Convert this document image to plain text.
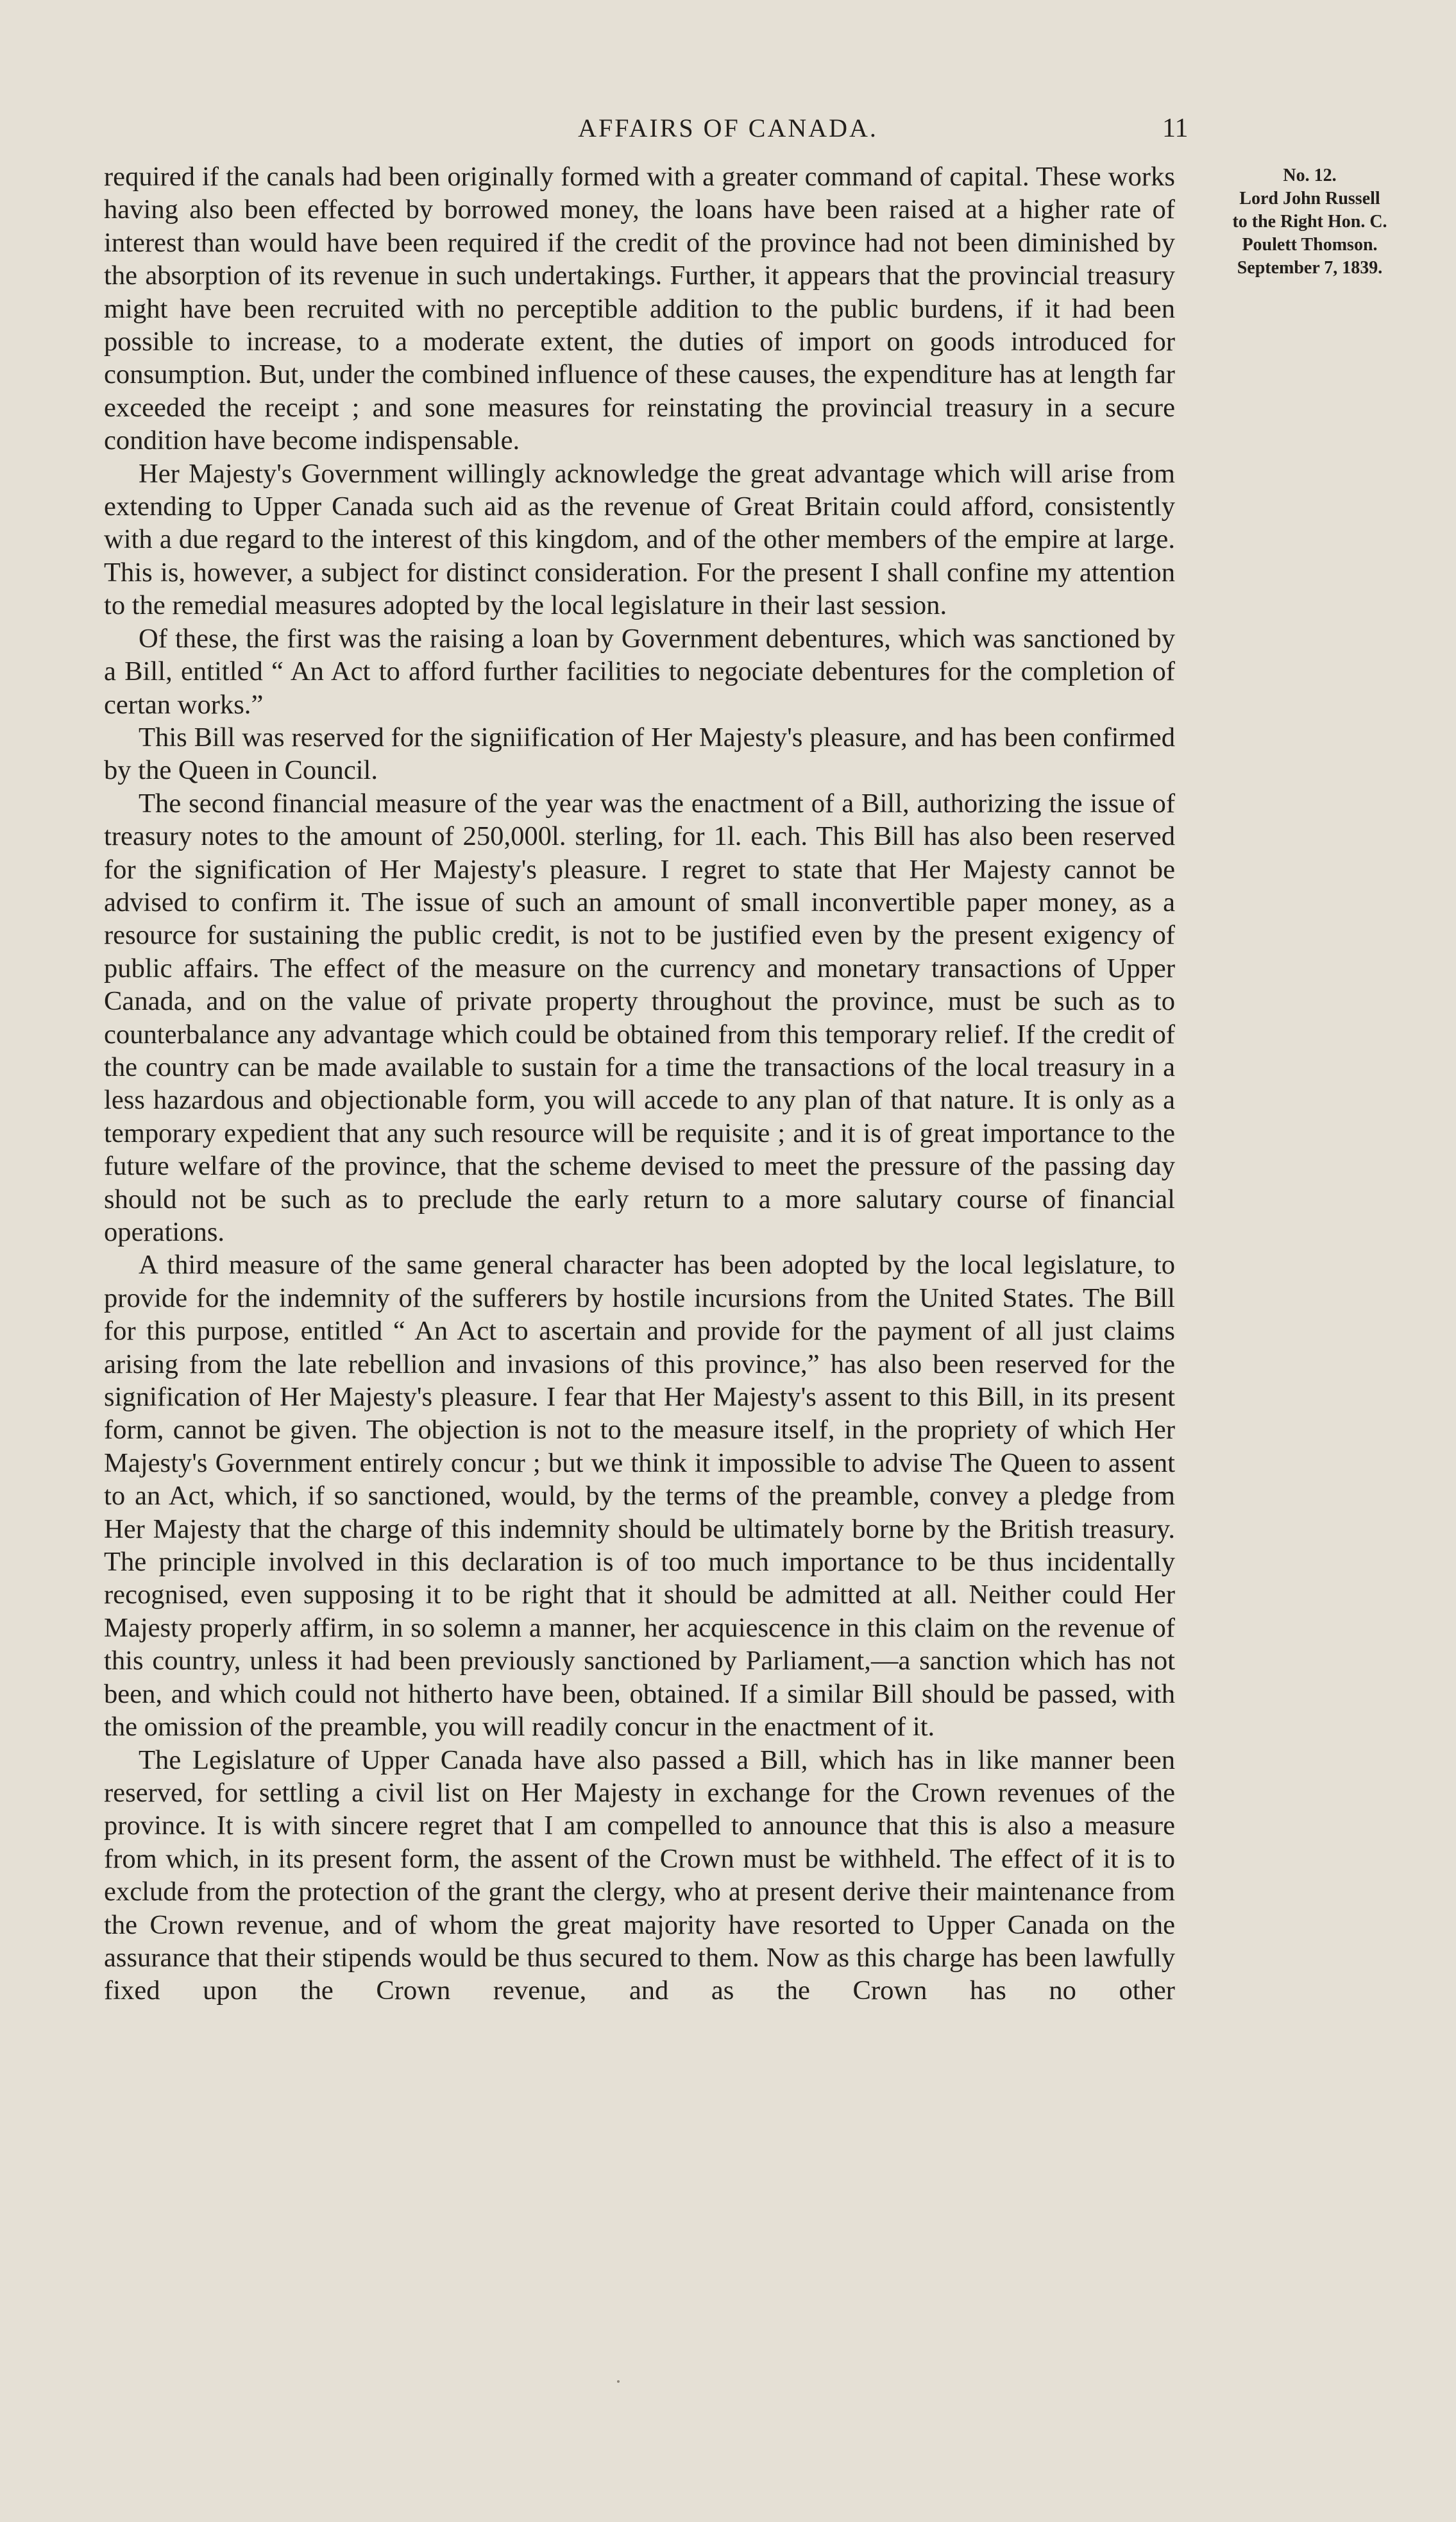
AFFAIRS OF CANADA.	11
No. 12.
Lord John Russell
to the Right Hon. C.
Poulett Thomson.
September 7, 1839.

required if the canals had been originally formed with a greater command of capital. These works having also been effected by borrowed money, the loans have been raised at a higher rate of interest than would have been required if the credit of the province had not been diminished by the absorption of its revenue in such undertakings. Further, it appears that the provincial treasury might have been recruited with no perceptible addition to the public burdens, if it had been possible to increase, to a moderate extent, the duties of import on goods introduced for consumption. But, under the combined influence of these causes, the expenditure has at length far exceeded the receipt ; and sone measures for reinstating the provincial treasury in a secure condition have become indispensable.

Her Majesty's Government willingly acknowledge the great advantage which will arise from extending to Upper Canada such aid as the revenue of Great Britain could afford, consistently with a due regard to the interest of this kingdom, and of the other members of the empire at large. This is, however, a subject for distinct consideration. For the present I shall confine my attention to the remedial measures adopted by the local legislature in their last session.

Of these, the first was the raising a loan by Government debentures, which was sanctioned by a Bill, entitled “ An Act to afford further facilities to negociate debentures for the completion of certan works.”

This Bill was reserved for the signiification of Her Majesty's pleasure, and has been confirmed by the Queen in Council.

The second financial measure of the year was the enactment of a Bill, authorizing the issue of treasury notes to the amount of 250,000l. sterling, for 1l. each. This Bill has also been reserved for the signification of Her Majesty's pleasure. I regret to state that Her Majesty cannot be advised to confirm it. The issue of such an amount of small inconvertible paper money, as a resource for sustaining the public credit, is not to be justified even by the present exigency of public affairs. The effect of the measure on the currency and monetary transactions of Upper Canada, and on the value of private property throughout the province, must be such as to counterbalance any advantage which could be obtained from this temporary relief. If the credit of the country can be made available to sustain for a time the transactions of the local treasury in a less hazardous and objectionable form, you will accede to any plan of that nature. It is only as a temporary expedient that any such resource will be requisite ; and it is of great importance to the future welfare of the province, that the scheme devised to meet the pressure of the passing day should not be such as to preclude the early return to a more salutary course of financial operations.

A third measure of the same general character has been adopted by the local legislature, to provide for the indemnity of the sufferers by hostile incursions from the United States. The Bill for this purpose, entitled “ An Act to ascertain and provide for the payment of all just claims arising from the late rebellion and invasions of this province,” has also been reserved for the signification of Her Majesty's pleasure. I fear that Her Majesty's assent to this Bill, in its present form, cannot be given. The objection is not to the measure itself, in the propriety of which Her Majesty's Government entirely concur ; but we think it impossible to advise The Queen to assent to an Act, which, if so sanctioned, would, by the terms of the preamble, convey a pledge from Her Majesty that the charge of this indemnity should be ultimately borne by the British treasury. The principle involved in this declaration is of too much importance to be thus incidentally recognised, even supposing it to be right that it should be admitted at all. Neither could Her Majesty properly affirm, in so solemn a manner, her acquiescence in this claim on the revenue of this country, unless it had been previously sanctioned by Parliament,—a sanction which has not been, and which could not hitherto have been, obtained. If a similar Bill should be passed, with the omission of the preamble, you will readily concur in the enactment of it.

The Legislature of Upper Canada have also passed a Bill, which has in like manner been reserved, for settling a civil list on Her Majesty in exchange for the Crown revenues of the province. It is with sincere regret that I am compelled to announce that this is also a measure from which, in its present form, the assent of the Crown must be withheld. The effect of it is to exclude from the protection of the grant the clergy, who at present derive their maintenance from the Crown revenue, and of whom the great majority have resorted to Upper Canada on the assurance that their stipends would be thus secured to them. Now as this charge has been lawfully fixed upon the Crown revenue, and as the Crown has no other
